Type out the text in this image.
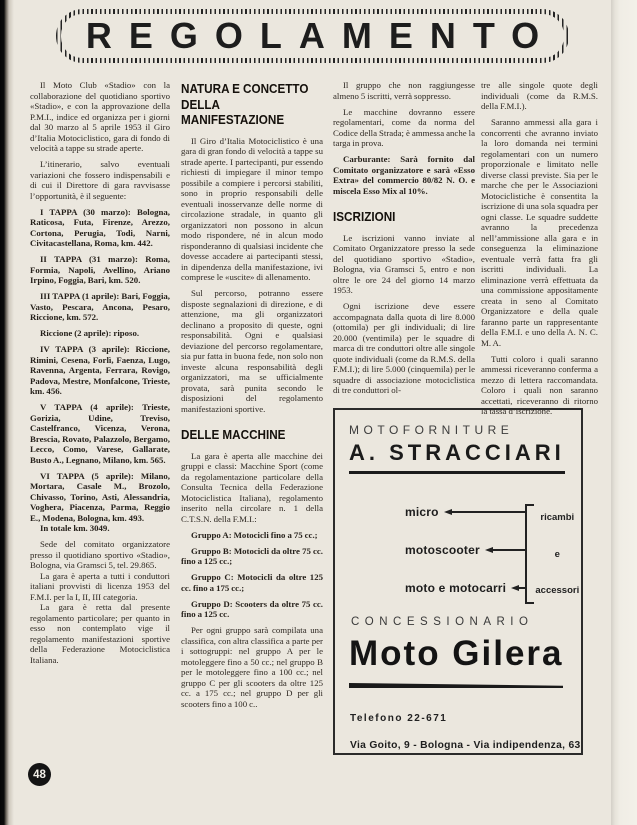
REGOLAMENTO

Il Moto Club «Stadio» con la collaborazione del quotidiano sportivo «Stadio», e con la approvazione della P.M.I., indice ed organizza per i giorni dal 30 marzo al 5 aprile 1953 il Giro d’Italia Motociclistico, gara di fondo di velocità a tappe su strade aperte.

L’itinerario, salvo eventuali variazioni che fossero indispensabili e di cui il Direttore di gara ravvisasse l’opportunità, è il seguente:

I TAPPA (30 marzo): Bologna, Raticosa, Futa, Firenze, Arezzo, Cortona, Perugia, Todi, Narni, Civitacastellana, Roma, km. 442.

II TAPPA (31 marzo): Roma, Formia, Napoli, Avellino, Ariano Irpino, Foggia, Bari, km. 520.

III TAPPA (1 aprile): Bari, Foggia, Vasto, Pescara, Ancona, Pesaro, Riccione, km. 572.

Riccione (2 aprile): riposo.

IV TAPPA (3 aprile): Riccione, Rimini, Cesena, Forlì, Faenza, Lugo, Ravenna, Argenta, Ferrara, Rovigo, Padova, Mestre, Monfalcone, Trieste, km. 456.

V TAPPA (4 aprile): Trieste, Gorizia, Udine, Treviso, Castelfranco, Vicenza, Verona, Brescia, Rovato, Palazzolo, Bergamo, Lecco, Como, Varese, Gallarate, Busto A., Legnano, Milano, km. 565.

VI TAPPA (5 aprile): Milano, Mortara, Casale M., Brozolo, Chivasso, Torino, Asti, Alessandria, Voghera, Piacenza, Parma, Reggio E., Modena, Bologna, km. 493.

In totale km. 3049.

Sede del comitato organizzatore presso il quotidiano sportivo «Stadio», Bologna, via Gramsci 5, tel. 29.865.

La gara è aperta a tutti i conduttori italiani provvisti di licenza 1953 del F.M.I. per la I, II, III categoria.

La gara è retta dal presente regolamento particolare; per quanto in esso non contemplato vige il regolamento manifestazioni sportive della Federazione Motociclistica Italiana.

NATURA E CONCETTO DELLA MANIFESTAZIONE

Il Giro d’Italia Motociclistico è una gara di gran fondo di velocità a tappe su strade aperte. I partecipanti, pur essendo richiesti di impiegare il minor tempo possibile a compiere i percorsi stabiliti, sono in proprio responsabili delle eventuali inosservanze delle norme di circolazione stradale, in quanto gli organizzatori non possono in alcun modo rispondere, né in alcun modo risponderanno di qualsiasi incidente che dovesse accadere ai partecipanti stessi, in dipendenza della manifestazione, ivi comprese le «uscite» di allenamento.

Sul percorso, potranno essere disposte segnalazioni di direzione, e di attenzione, ma gli organizzatori declinano a proposito di queste, ogni responsabilità. Ogni e qualsiasi deviazione del percorso regolamentare, sia pur fatta in buona fede, non solo non investe alcuna responsabilità degli organizzatori, ma se ufficialmente provata, sarà punita secondo le disposizioni del regolamento manifestazioni sportive.

DELLE MACCHINE

La gara è aperta alle macchine dei gruppi e classi: Macchine Sport (come da regolamentazione particolare della Consulta Tecnica della Federazione Motociclistica Italiana), regolamento inserito nella circolare n. 1 della C.T.S.N. della F.M.I.:

Gruppo A: Motocicli fino a 75 cc.;

Gruppo B: Motocicli da oltre 75 cc. fino a 125 cc.;

Gruppo C: Motocicli da oltre 125 cc. fino a 175 cc.;

Gruppo D: Scooters da oltre 75 cc. fino a 125 cc.

Per ogni gruppo sarà compilata una classifica, con altra classifica a parte per i sottogruppi: nel gruppo A per le motoleggere fino a 50 cc.; nel gruppo B per le motoleggere fino a 100 cc.; nel gruppo C per gli scooters da oltre 125 cc. a 175 cc.; nel gruppo D per gli scooters fino a 100 c..

Il gruppo che non raggiungesse almeno 5 iscritti, verrà soppresso.

Le macchine dovranno essere regolamentari, come da norma del Codice della Strada; è ammessa anche la targa in prova.

Carburante: Sarà fornito dal Comitato organizzatore e sarà «Esso Extra» del commercio 80/82 N. O. e miscela Esso Mix al 10%.

ISCRIZIONI

Le iscrizioni vanno inviate al Comitato Organizzatore presso la sede del quotidiano sportivo «Stadio», Bologna, via Gramsci 5, entro e non oltre le ore 24 del giorno 14 marzo 1953.

Ogni iscrizione deve essere accompagnata dalla quota di lire 8.000 (ottomila) per gli individuali; di lire 20.000 (ventimila) per le squadre di marca di tre conduttori oltre alle singole quote individuali (come da R.M.S. della F.M.I.); di lire 5.000 (cinquemila) per le squadre di associazione motociclistica di tre conduttori ol-

tre alle singole quote degli individuali (come da R.M.S. della F.M.I.).

Saranno ammessi alla gara i concorrenti che avranno inviato la loro domanda nei termini regolamentari con un numero proporzionale e limitato nelle diverse classi previste. Sia per le marche che per le Associazioni Motociclistiche è consentita la iscrizione di una sola squadra per ogni classe. Le squadre suddette avranno la precedenza nell’ammissione alla gara e in conseguenza la eliminazione eventuale verrà fatta fra gli iscritti individuali. La eliminazione verrà effettuata da una commissione appositamente creata in seno al Comitato Organizzatore e della quale faranno parte un rappresentante della F.M.I. e uno della A. N. C. M. A.

Tutti coloro i quali saranno ammessi riceveranno conferma a mezzo di lettera raccomandata. Coloro i quali non saranno accettati, riceveranno di ritorno la tassa d’iscrizione.

MOTOFORNITURE
A. STRACCIARI
micro
motoscooter
moto e motocarri
ricambi
e
accessori
CONCESSIONARIO
Moto Gilera
Telefono 22-671
Via Goito, 9 - Bologna - Via indipendenza, 63
48
